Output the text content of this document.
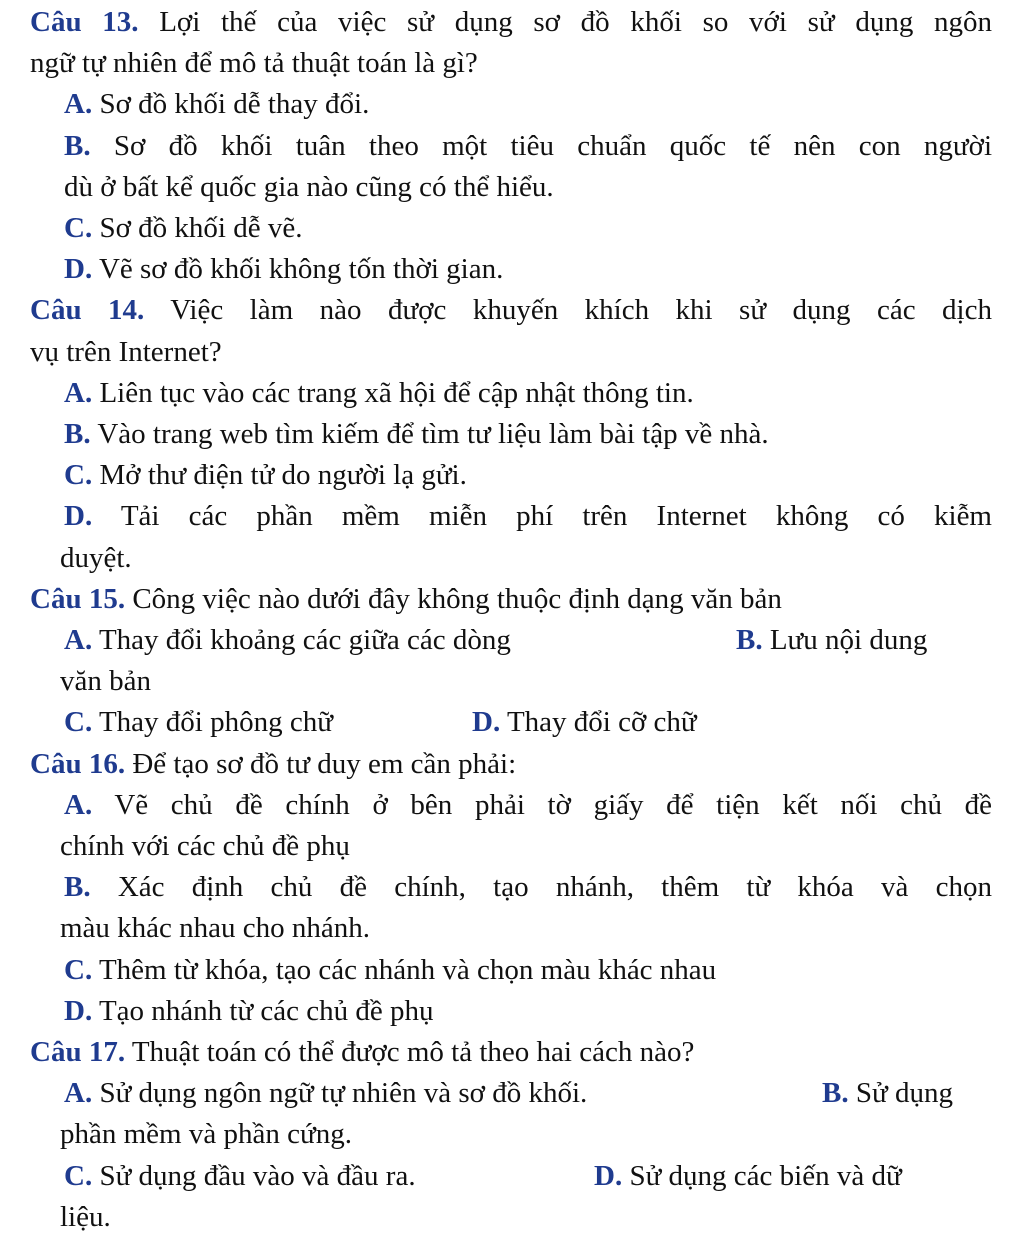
Câu 13. Lợi thế của việc sử dụng sơ đồ khối so với sử dụng ngôn

ngữ tự nhiên để mô tả thuật toán là gì?

A. Sơ đồ khối dễ thay đổi.

B. Sơ đồ khối tuân theo một tiêu chuẩn quốc tế nên con người

dù ở bất kể quốc gia nào cũng có thể hiểu.

C. Sơ đồ khối dễ vẽ.

D. Vẽ sơ đồ khối không tốn thời gian.

Câu 14. Việc làm nào được khuyến khích khi sử dụng các dịch

vụ trên Internet?

A. Liên tục vào các trang xã hội để cập nhật thông tin.

B. Vào trang web tìm kiếm để tìm tư liệu làm bài tập về nhà.

C. Mở thư điện tử do người lạ gửi.

D. Tải các phần mềm miễn phí trên Internet không có kiễm

duyệt.

Câu 15. Công việc nào dưới đây không thuộc định dạng văn bản

A. Thay đổi khoảng các giữa các dòng	B. Lưu nội dung

văn bản

C. Thay đổi phông chữ	D. Thay đổi cỡ chữ

Câu 16. Để tạo sơ đồ tư duy em cần phải:

A. Vẽ chủ đề chính ở bên phải tờ giấy để tiện kết nối chủ đề

chính với các chủ đề phụ

B. Xác định chủ đề chính, tạo nhánh, thêm từ khóa và chọn

màu khác nhau cho nhánh.

C. Thêm từ khóa, tạo các nhánh và chọn màu khác nhau

D. Tạo nhánh từ các chủ đề phụ

Câu 17. Thuật toán có thể được mô tả theo hai cách nào?

A. Sử dụng ngôn ngữ tự nhiên và sơ đồ khối.	B. Sử dụng

phần mềm và phần cứng.

C. Sử dụng đầu vào và đầu ra.	D. Sử dụng các biến và dữ

liệu.
